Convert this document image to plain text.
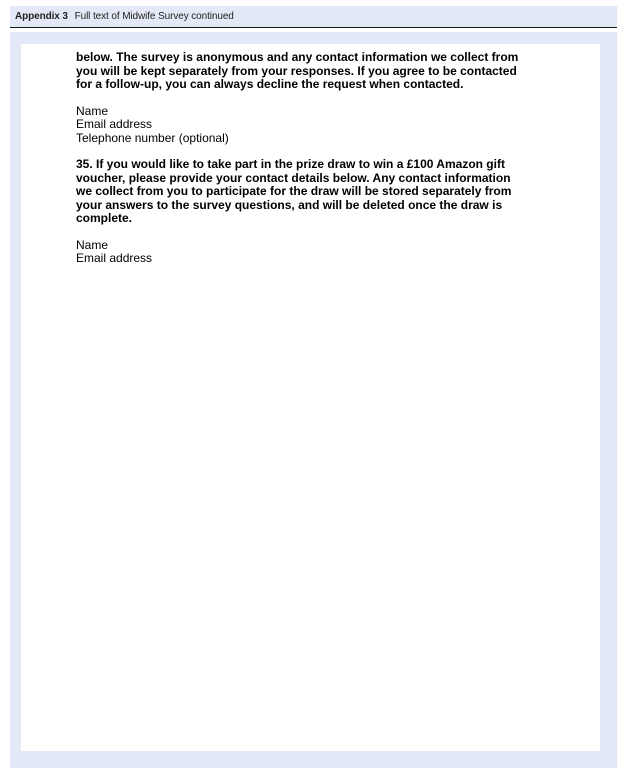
Appendix 3 Full text of Midwife Survey continued

below. The survey is anonymous and any contact information we collect from you will be kept separately from your responses. If you agree to be contacted for a follow-up, you can always decline the request when contacted.

Name
Email address
Telephone number (optional)

35. If you would like to take part in the prize draw to win a £100 Amazon gift voucher, please provide your contact details below. Any contact information we collect from you to participate for the draw will be stored separately from your answers to the survey questions, and will be deleted once the draw is complete.

Name
Email address
